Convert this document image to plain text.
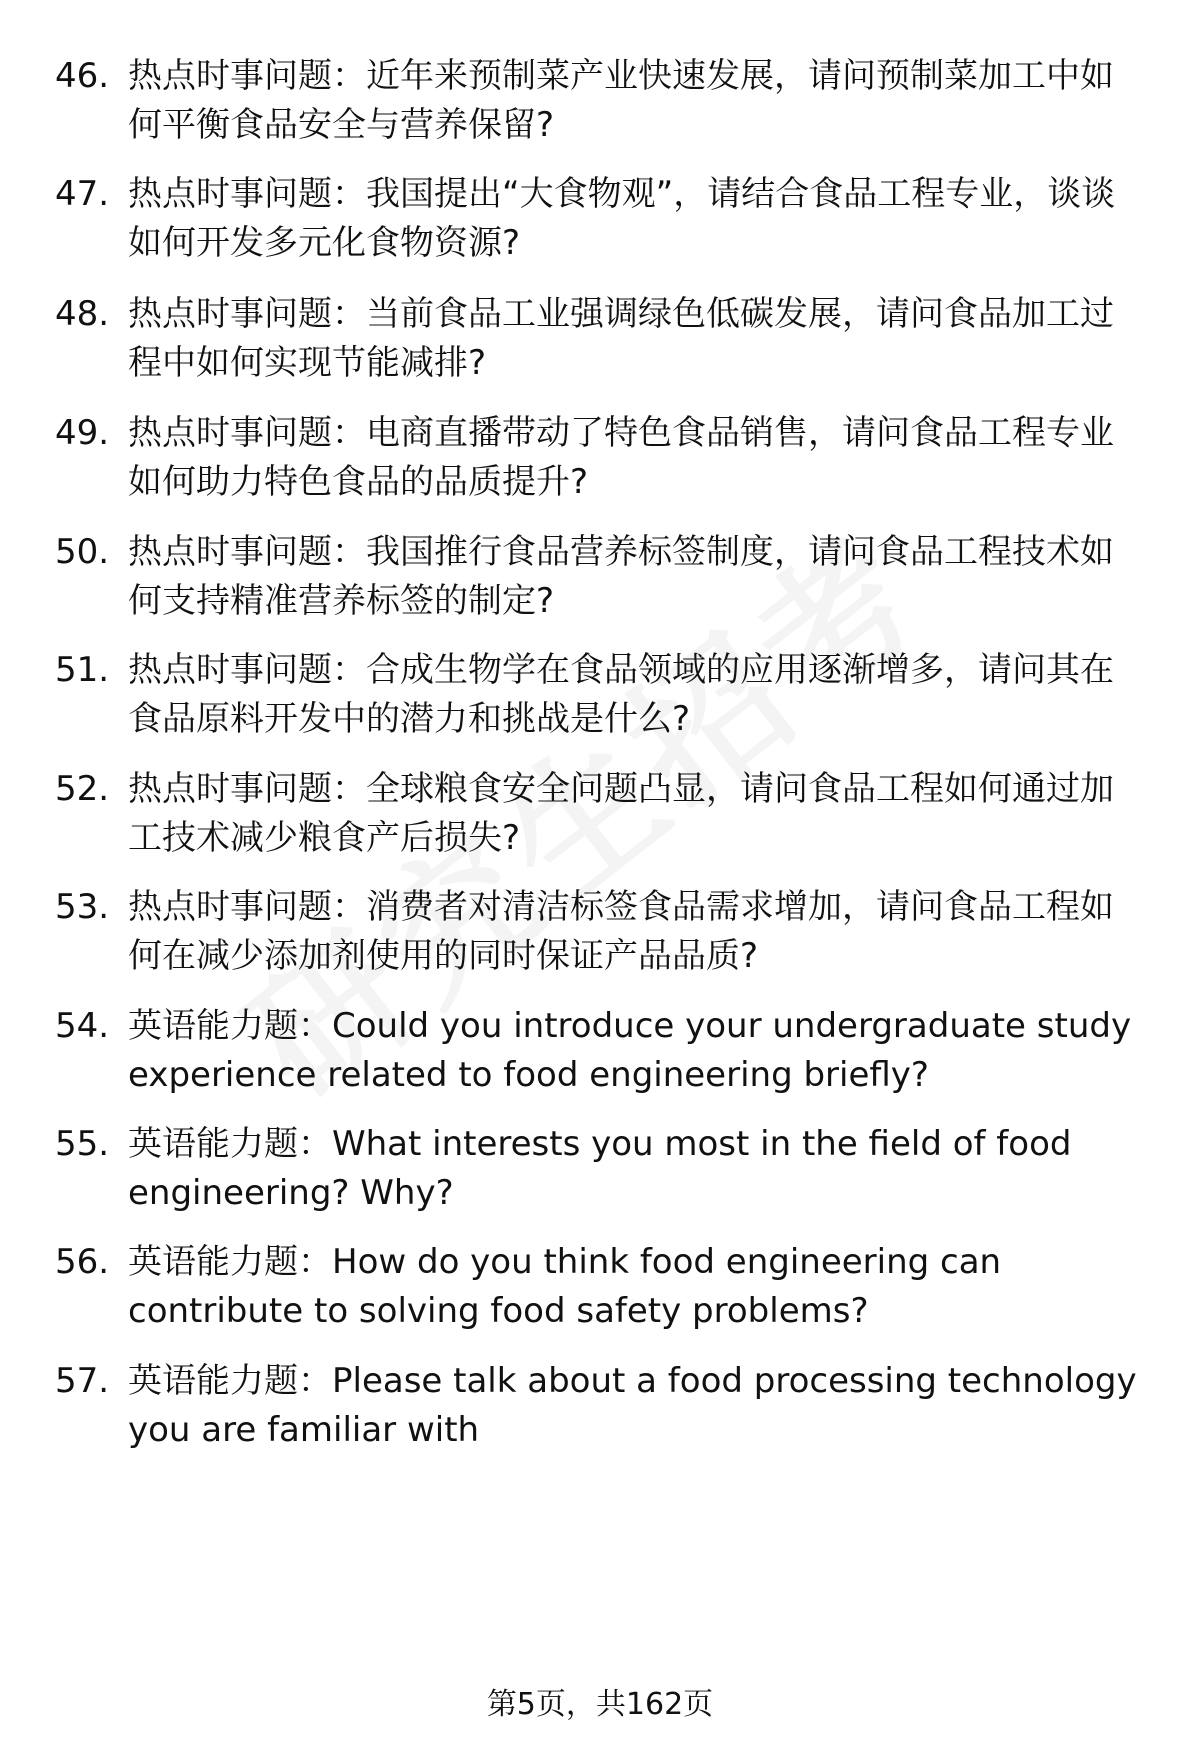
46. 热点时事问题：近年来预制菜产业快速发展，请问预制菜加工中如何平衡食品安全与营养保留?
47. 热点时事问题：我国提出“大食物观”，请结合食品工程专业，谈谈如何开发多元化食物资源?
48. 热点时事问题：当前食品工业强调绿色低碳发展，请问食品加工过程中如何实现节能减排?
49. 热点时事问题：电商直播带动了特色食品销售，请问食品工程专业如何助力特色食品的品质提升?
50. 热点时事问题：我国推行食品营养标签制度，请问食品工程技术如何支持精准营养标签的制定?
51. 热点时事问题：合成生物学在食品领域的应用逐渐增多，请问其在食品原料开发中的潜力和挑战是什么?
52. 热点时事问题：全球粮食安全问题凸显，请问食品工程如何通过加工技术减少粮食产后损失?
53. 热点时事问题：消费者对清洁标签食品需求增加，请问食品工程如何在减少添加剂使用的同时保证产品品质?
54. 英语能力题：Could you introduce your undergraduate study experience related to food engineering briefly?
55. 英语能力题：What interests you most in the field of food engineering? Why?
56. 英语能力题：How do you think food engineering can contribute to solving food safety problems?
57. 英语能力题：Please talk about a food processing technology you are familiar with
第5页，共162页
